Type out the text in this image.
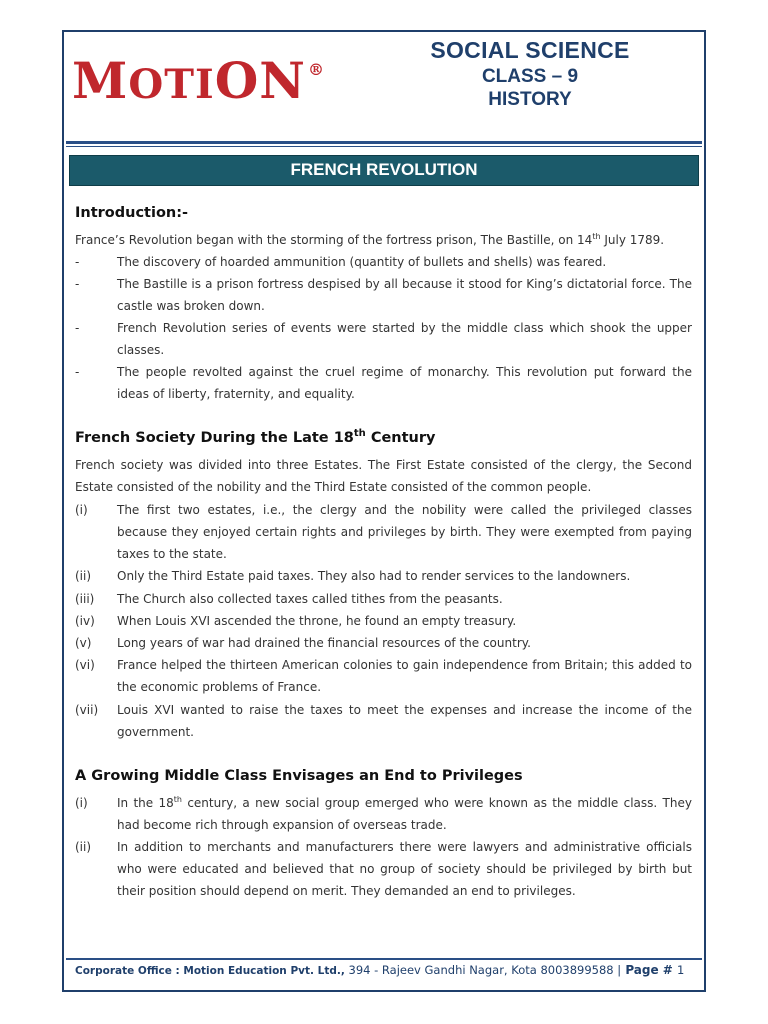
MOTION ®
SOCIAL SCIENCE
CLASS – 9
HISTORY
FRENCH REVOLUTION
Introduction:-
France’s Revolution began with the storming of the fortress prison, The Bastille, on 14th July 1789.
-	The discovery of hoarded ammunition (quantity of bullets and shells) was feared.
-	The Bastille is a prison fortress despised by all because it stood for King’s dictatorial force. The castle was broken down.
-	French Revolution series of events were started by the middle class which shook the upper classes.
-	The people revolted against the cruel regime of monarchy. This revolution put forward the ideas of liberty, fraternity, and equality.
French Society During the Late 18th Century
French society was divided into three Estates. The First Estate consisted of the clergy, the Second Estate consisted of the nobility and the Third Estate consisted of the common people.
(i) The first two estates, i.e., the clergy and the nobility were called the privileged classes because they enjoyed certain rights and privileges by birth. They were exempted from paying taxes to the state.
(ii) Only the Third Estate paid taxes. They also had to render services to the landowners.
(iii) The Church also collected taxes called tithes from the peasants.
(iv) When Louis XVI ascended the throne, he found an empty treasury.
(v) Long years of war had drained the financial resources of the country.
(vi) France helped the thirteen American colonies to gain independence from Britain; this added to the economic problems of France.
(vii) Louis XVI wanted to raise the taxes to meet the expenses and increase the income of the government.
A Growing Middle Class Envisages an End to Privileges
(i) In the 18th century, a new social group emerged who were known as the middle class. They had become rich through expansion of overseas trade.
(ii) In addition to merchants and manufacturers there were lawyers and administrative officials who were educated and believed that no group of society should be privileged by birth but their position should depend on merit. They demanded an end to privileges.
Corporate Office : Motion Education Pvt. Ltd., 394 - Rajeev Gandhi Nagar, Kota 8003899588 | Page # 1
